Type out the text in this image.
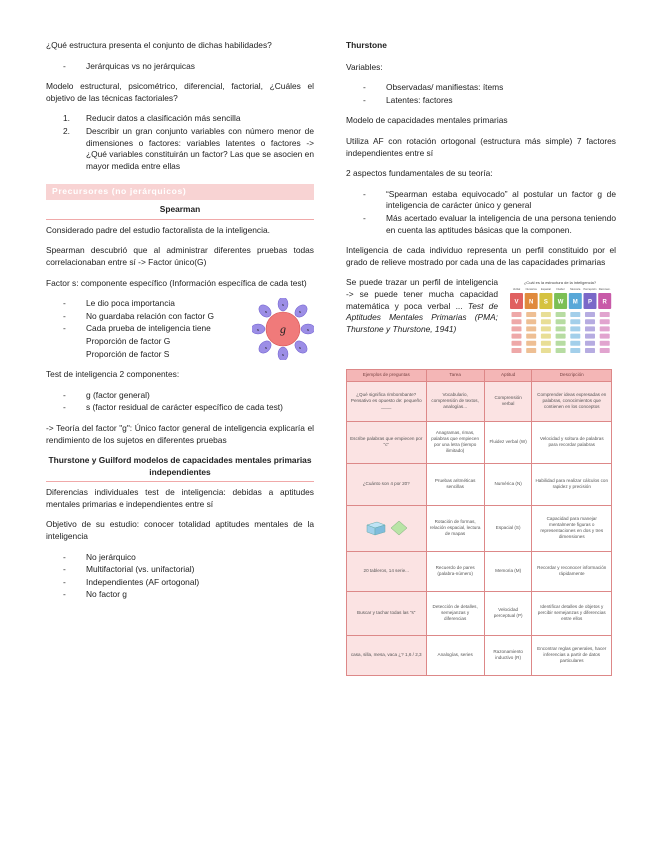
¿Qué estructura presenta el conjunto de dichas habilidades?

- Jerárquicas vs no jerárquicas

Modelo estructural, psicométrico, diferencial, factorial, ¿Cuáles el objetivo de las técnicas factoriales?

1. Reducir datos a clasificación más sencilla
2. Describir un gran conjunto variables con número menor de dimensiones o factores: variables latentes o factores -> ¿Qué variables constituirán un factor? Las que se asocien en mayor medida entre ellas
Precursores (no jerárquicos)
Spearman

Considerado padre del estudio factoralista de la inteligencia.

Spearman descubrió que al administrar diferentes pruebas todas correlacionaban entre sí -> Factor único(G)

Factor s: componente específico (Información específica de cada test)

- Le dio poca importancia
- No guardaba relación con factor G
- Cada prueba de inteligencia tiene
Proporción de factor G
Proporción de factor S
g
s
s
s	s
s	s
s	s

Test de inteligencia 2 componentes:

- g (factor general)
- s (factor residual de carácter específico de cada test)

-> Teoría del factor "g": Único factor general de inteligencia explicaría el rendimiento de los sujetos en diferentes pruebas

Thurstone y Guilford modelos de capacidades mentales primarias independientes

Diferencias individuales test de inteligencia: debidas a aptitudes mentales primarias e independientes entre sí

Objetivo de su estudio: conocer totalidad aptitudes mentales de la inteligencia

- No jerárquico
- Multifactorial (vs. unifactorial)
- Independientes (AF ortogonal)
- No factor g
Thurstone

Variables:

- Observadas/ manifiestas: ítems
- Latentes: factores

Modelo de capacidades mentales primarias

Utiliza AF con rotación ortogonal (estructura más simple) 7 factores independientes entre sí

2 aspectos fundamentales de su teoría:

- “Spearman estaba equivocado” al postular un factor g de inteligencia de carácter único y general
- Más acertado evaluar la inteligencia de una persona teniendo en cuenta las aptitudes básicas que la componen.

Inteligencia de cada individuo representa un perfil constituido por el grado de relieve mostrado por cada una de las capacidades primarias

Se puede trazar un perfil de inteligencia -> se puede tener mucha capacidad matemática y poca verbal ... Test de Aptitudes Mentales Primarias (PMA; Thurstone y Thurstone, 1941)
¿Cuál es la estructura de la inteligencia?
Verbal
V
Numérica
N
Espacial
S
Fluidez
W
Memoria
M
Percepción
P
Razonam.
R
Ejemplos de preguntas	Tarea	Aptitud	Descripción
¿Qué significa rimbombante? Pensativo es opuesto de: pequeño ____	Vocabulario, comprensión de textos, analogías...	Comprensión verbal	Comprender ideas expresadas en palabras, conocimientos que contienen en los conceptos
Escribe palabras que empiecen por "c"	Anagramas, rimas, palabras que empiecen por una letra (tiempo ilimitado)	Fluidez verbal (W)	Velocidad y soltura de palabras para recordar palabras
¿Cuánto son 4 por 20?	Pruebas aritméticas sencillas	Numérica (N)	Habilidad para realizar cálculos con rapidez y precisión

	Rotación de formas, relación espacial, lectura de mapas	Espacial (S)	Capacidad para manejar mentalmente figuras o representaciones en dos y tres dimensiones
20 tableros, 14 serie...	Recuerdo de pares (palabra-número)	Memoria (M)	Recordar y reconocer información rápidamente
Buscar y tachar todas las "s"	Detección de detalles, semejanzas y diferencias	Velocidad perceptual (P)	Identificar detalles de objetos y percibir semejanzas y diferencias entre ellos
casa, silla, mesa, vaca ¿? 1,6 / 2,3	Analogías, series	Razonamiento inductivo (R)	Encontrar reglas generales, hacer inferencias a partir de datos particulares
